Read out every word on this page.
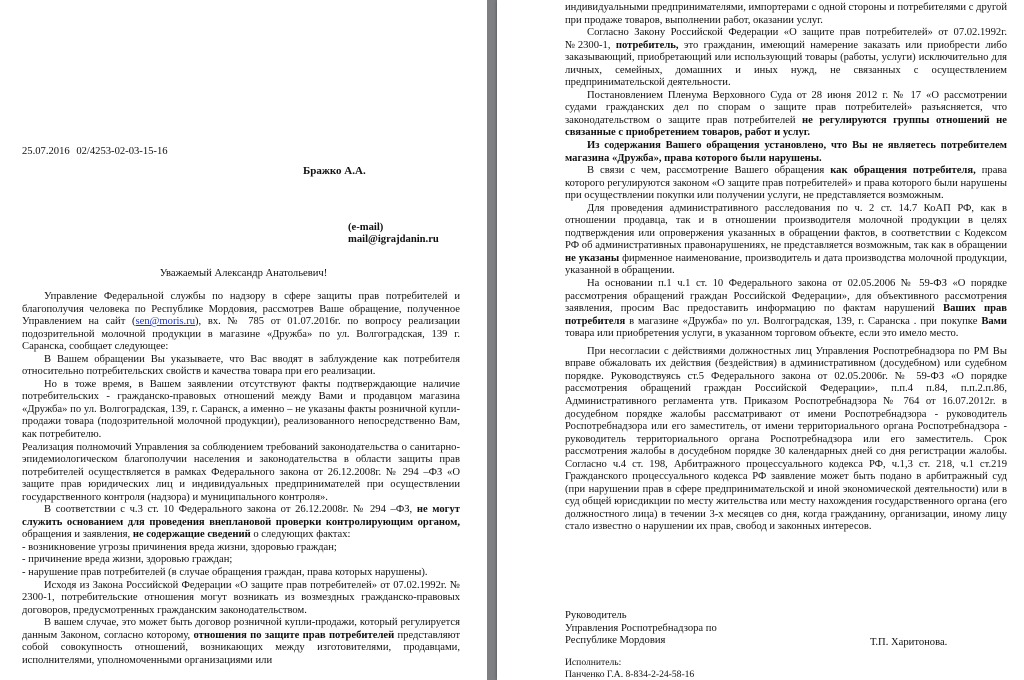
25.07.2016 02/4253-02-03-15-16
Бражко А.А.
(e-mail)
mail@igrajdanin.ru
Уважаемый Александр Анатольевич!

Управление Федеральной службы по надзору в сфере защиты прав потребителей и благополучия человека по Республике Мордовия, рассмотрев Ваше обращение, полученное Управлением на сайт (sen@moris.ru), вх. № 785 от 01.07.2016г. по вопросу реализации подозрительной молочной продукции в магазине «Дружба» по ул. Волгоградская, 139 г. Саранска, сообщает следующее:

В Вашем обращении Вы указываете, что Вас вводят в заблуждение как потребителя относительно потребительских свойств и качества товара при его реализации.

Но в тоже время, в Вашем заявлении отсутствуют факты подтверждающие наличие потребительских - гражданско-правовых отношений между Вами и продавцом магазина «Дружба» по ул. Волгоградская, 139, г. Саранск, а именно – не указаны факты розничной купли-продажи товара (подозрительной молочной продукции), реализованного непосредственно Вам, как потребителю.

Реализация полномочий Управления за соблюдением требований законодательства о санитарно-эпидемиологическом благополучии населения и законодательства в области защиты прав потребителей осуществляется в рамках Федерального закона от 26.12.2008г. № 294 –ФЗ «О защите прав юридических лиц и индивидуальных предпринимателей при осуществлении государственного контроля (надзора) и муниципального контроля».

В соответствии с ч.3 ст. 10 Федерального закона от 26.12.2008г. № 294 –ФЗ, не могут служить основанием для проведения внеплановой проверки контролирующим органом, обращения и заявления, не содержащие сведений о следующих фактах:

- возникновение угрозы причинения вреда жизни, здоровью граждан;

- причинение вреда жизни, здоровью граждан;

- нарушение прав потребителей (в случае обращения граждан, права которых нарушены).

Исходя из Закона Российской Федерации «О защите прав потребителей» от 07.02.1992г. № 2300-1, потребительские отношения могут возникать из возмездных гражданско-правовых договоров, предусмотренных гражданским законодательством.

В вашем случае, это может быть договор розничной купли-продажи, который регулируется данным Законом, согласно которому, отношения по защите прав потребителей представляют собой совокупность отношений, возникающих между изготовителями, продавцами, исполнителями, уполномоченными организациями или

индивидуальными предпринимателями, импортерами с одной стороны и потребителями с другой при продаже товаров, выполнении работ, оказании услуг.

Согласно Закону Российской Федерации «О защите прав потребителей» от 07.02.1992г. №2300-1, потребитель, это гражданин, имеющий намерение заказать или приобрести либо заказывающий, приобретающий или использующий товары (работы, услуги) исключительно для личных, семейных, домашних и иных нужд, не связанных с осуществлением предпринимательской деятельности.

Постановлением Пленума Верховного Суда от 28 июня 2012 г. № 17 «О рассмотрении судами гражданских дел по спорам о защите прав потребителей» разъясняется, что законодательством о защите прав потребителей не регулируются группы отношений не связанные с приобретением товаров, работ и услуг.

Из содержания Вашего обращения установлено, что Вы не являетесь потребителем магазина «Дружба», права которого были нарушены.

В связи с чем, рассмотрение Вашего обращения как обращения потребителя, права которого регулируются законом «О защите прав потребителей» и права которого были нарушены при осуществлении покупки или получении услуги, не представляется возможным.

Для проведения административного расследования по ч. 2 ст. 14.7 КоАП РФ, как в отношении продавца, так и в отношении производителя молочной продукции в целях подтверждения или опровержения указанных в обращении фактов, в соответствии с Кодексом РФ об административных правонарушениях, не представляется возможным, так как в обращении не указаны фирменное наименование, производитель и дата производства молочной продукции, указанной в обращении.

На основании п.1 ч.1 ст. 10 Федерального закона от 02.05.2006 № 59-ФЗ «О порядке рассмотрения обращений граждан Российской Федерации», для объективного рассмотрения заявления, просим Вас предоставить информацию по фактам нарушений Ваших прав потребителя в магазине «Дружба» по ул. Волгоградская, 139, г. Саранска . при покупке Вами товара или приобретения услуги, в указанном торговом объекте, если это имело место.

При несогласии с действиями должностных лиц Управления Роспотребнадзора по РМ Вы вправе обжаловать их действия (бездействия) в административном (досудебном) или судебном порядке. Руководствуясь ст.5 Федерального закона от 02.05.2006г. № 59-ФЗ «О порядке рассмотрения обращений граждан Российской Федерации», п.п.4 п.84, п.п.2.п.86, Административного регламента утв. Приказом Роспотребнадзора № 764 от 16.07.2012г. в досудебном порядке жалобы рассматривают от имени Роспотребнадзора - руководитель Роспотребнадзора или его заместитель, от имени территориального органа Роспотребнадзора - руководитель территориального органа Роспотребнадзора или его заместитель. Срок рассмотрения жалобы в досудебном порядке 30 календарных дней со дня регистрации жалобы. Согласно ч.4 ст. 198, Арбитражного процессуального кодекса РФ, ч.1,3 ст. 218, ч.1 ст.219 Гражданского процессуального кодекса РФ заявление может быть подано в арбитражный суд (при нарушении прав в сфере предпринимательской и иной экономической деятельности) или в суд общей юрисдикции по месту жительства или месту нахождения государственного органа (его должностного лица) в течении 3-х месяцев со дня, когда гражданину, организации, иному лицу стало известно о нарушении их прав, свобод и законных интересов.

Руководитель
Управления Роспотребнадзора по
Республике Мордовия	Т.П. Харитонова.
Исполнитель:
Панченко Г.А. 8-834-2-24-58-16
